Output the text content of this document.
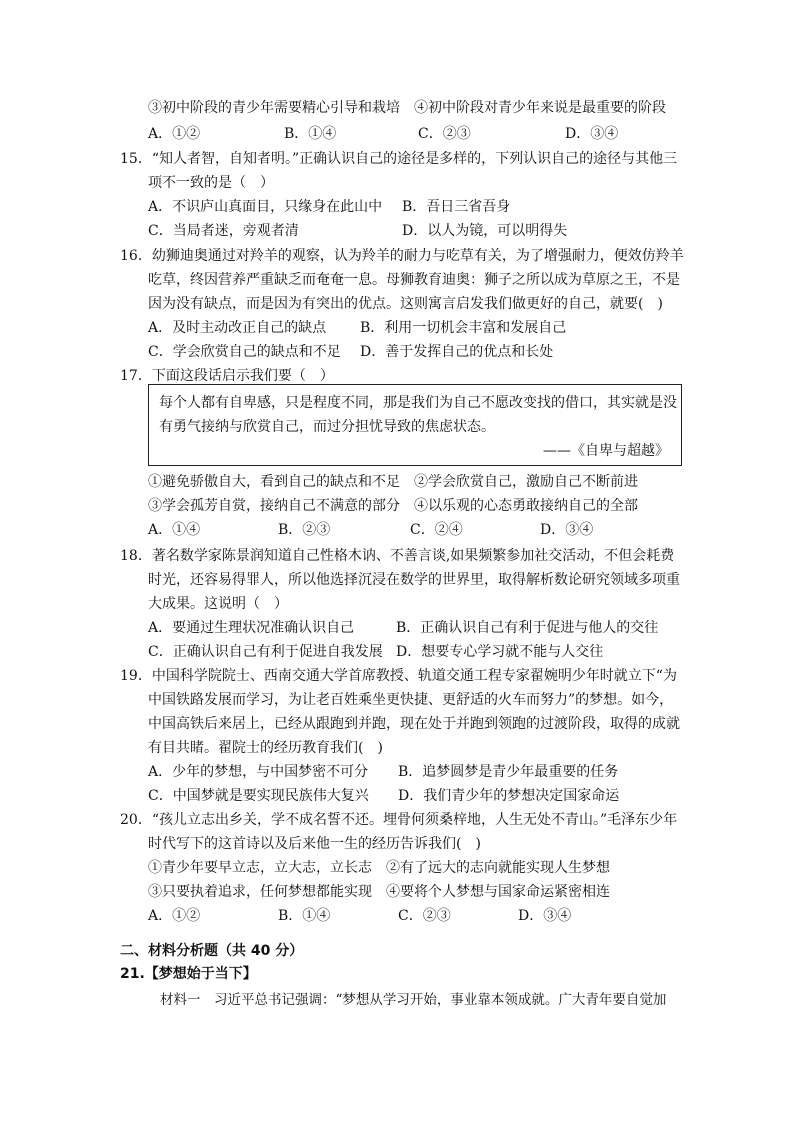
③初中阶段的青少年需要精心引导和栽培　④初中阶段对青少年来说是最重要的阶段
A．①②	B．①④	C．②③	D．③④
15．“知人者智，自知者明。”正确认识自己的途径是多样的，下列认识自己的途径与其他三
项不一致的是（　）
A．不识庐山真面目，只缘身在此山中 B．吾日三省吾身
C．当局者迷，旁观者清	D．以人为镜，可以明得失
16．幼狮迪奥通过对羚羊的观察，认为羚羊的耐力与吃草有关，为了增强耐力，便效仿羚羊
吃草，终因营养严重缺乏而奄奄一息。母狮教育迪奥：狮子之所以成为草原之王，不是
因为没有缺点，而是因为有突出的优点。这则寓言启发我们做更好的自己，就要(　)
A．及时主动改正自己的缺点 B．利用一切机会丰富和发展自己
C．学会欣赏自己的缺点和不足 D．善于发挥自己的优点和长处
17．下面这段话启示我们要（　）
每个人都有自卑感，只是程度不同，那是我们为自己不愿改变找的借口，其实就是没
有勇气接纳与欣赏自己，而过分担忧导致的焦虑状态。
——《自卑与超越》
①避免骄傲自大，看到自己的缺点和不足　②学会欣赏自己，激励自己不断前进
③学会孤芳自赏，接纳自己不满意的部分　④以乐观的心态勇敢接纳自己的全部
A．①④	B．②③	C．②④	D．③④
18．著名数学家陈景润知道自己性格木讷、不善言谈,如果频繁参加社交活动，不但会耗费
时光，还容易得罪人，所以他选择沉浸在数学的世界里，取得解析数论研究领域多项重
大成果。这说明（　）
A．要通过生理状况准确认识自己	B．正确认识自己有利于促进与他人的交往
C．正确认识自己有利于促进自我发展 D．想要专心学习就不能与人交往
19．中国科学院院士、西南交通大学首席教授、轨道交通工程专家翟婉明少年时就立下“为
中国铁路发展而学习，为让老百姓乘坐更快捷、更舒适的火车而努力”的梦想。如今，
中国高铁后来居上，已经从跟跑到并跑，现在处于并跑到领跑的过渡阶段，取得的成就
有目共睹。翟院士的经历教育我们(　)
A．少年的梦想，与中国梦密不可分 B．追梦圆梦是青少年最重要的任务
C．中国梦就是要实现民族伟大复兴 D．我们青少年的梦想决定国家命运
20．“孩儿立志出乡关，学不成名誓不还。埋骨何须桑梓地，人生无处不青山。”毛泽东少年
时代写下的这首诗以及后来他一生的经历告诉我们(　)
①青少年要早立志，立大志，立长志　②有了远大的志向就能实现人生梦想
③只要执着追求，任何梦想都能实现　④要将个人梦想与国家命运紧密相连
A．①②	B．①④	C．②③	D．③④
二、材料分析题（共 40 分）
21.【梦想始于当下】
材料一　习近平总书记强调：“梦想从学习开始，事业靠本领成就。广大青年要自觉加
